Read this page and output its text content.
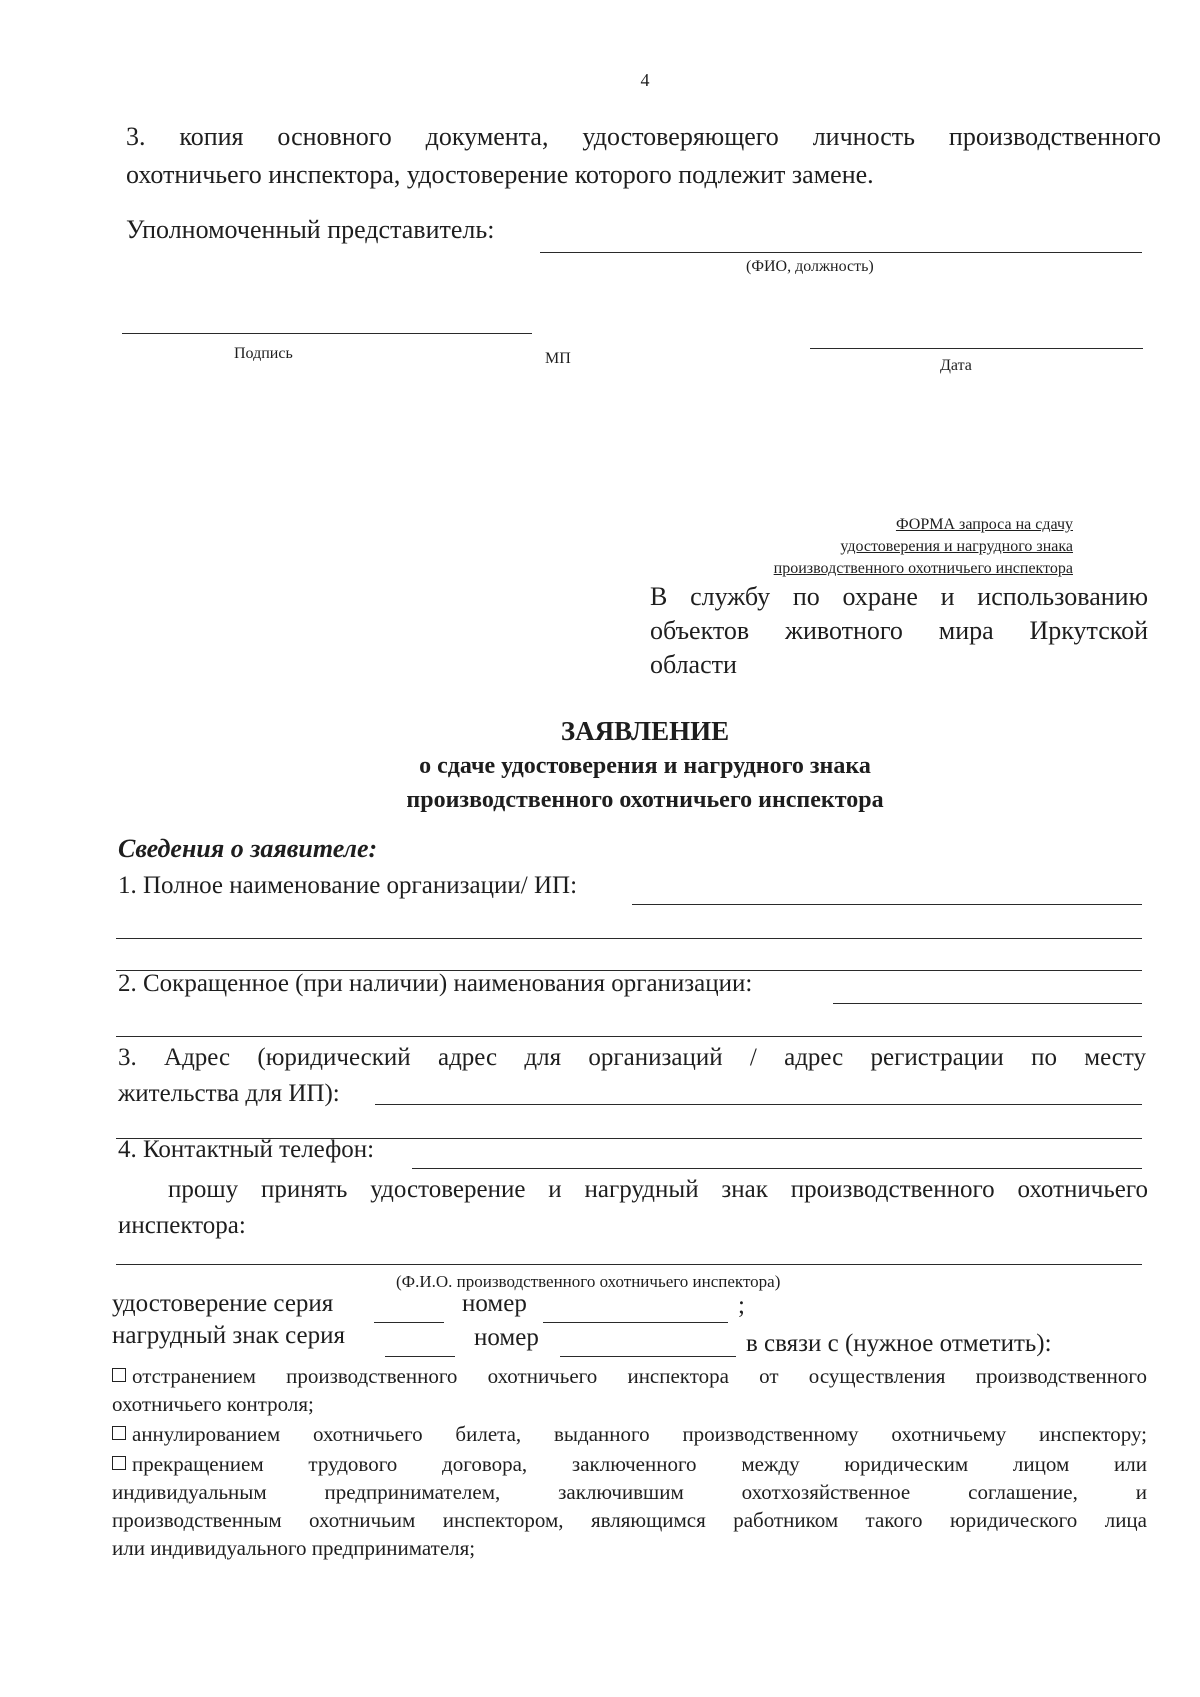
4
3. копия основного документа, удостоверяющего личность производственного
охотничьего инспектора, удостоверение которого подлежит замене.
Уполномоченный представитель:
(ФИО, должность)
Подпись	МП	Дата
ФОРМА запроса на сдачу
удостоверения и нагрудного знака
производственного охотничьего инспектора
В службу по охране и использованию
объектов животного мира Иркутской
области
ЗАЯВЛЕНИЕ
о сдаче удостоверения и нагрудного знака
производственного охотничьего инспектора
Сведения о заявителе:
1. Полное наименование организации/ ИП:
2. Сокращенное (при наличии) наименования организации:
3. Адрес (юридический адрес для организаций / адрес регистрации по месту
жительства для ИП):
4. Контактный телефон:
прошу принять удостоверение и нагрудный знак производственного охотничьего
инспектора:
(Ф.И.О. производственного охотничьего инспектора)
удостоверение серия	номер	;
нагрудный знак серия	номер	в связи с (нужное отметить):
отстранением производственного охотничьего инспектора от осуществления производственного
охотничьего контроля;
аннулированием охотничьего билета, выданного производственному охотничьему инспектору;
прекращением трудового договора, заключенного между юридическим лицом или
индивидуальным предпринимателем, заключившим охотхозяйственное соглашение, и
производственным охотничьим инспектором, являющимся работником такого юридического лица
или индивидуального предпринимателя;
